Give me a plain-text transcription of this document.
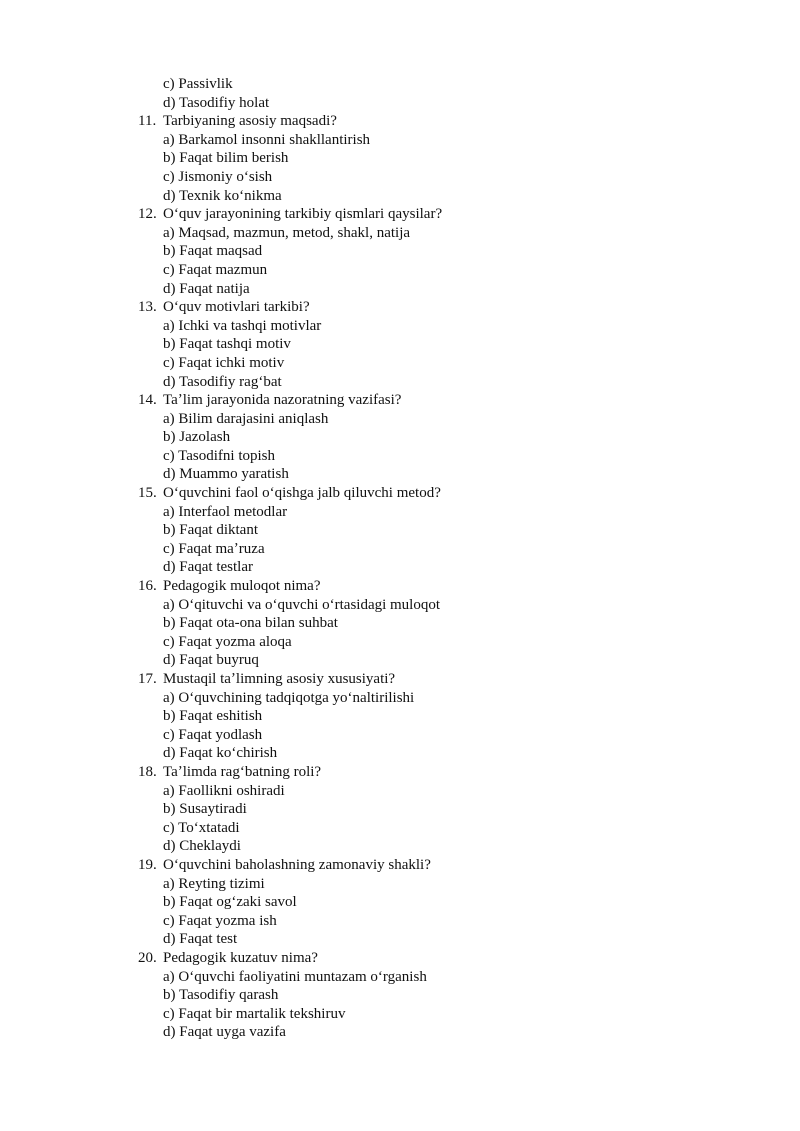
c) Passivlik
d) Tasodifiy holat
11. Tarbiyaning asosiy maqsadi?
a) Barkamol insonni shakllantirish
b) Faqat bilim berish
c) Jismoniy oʻsish
d) Texnik koʻnikma
12. Oʻquv jarayonining tarkibiy qismlari qaysilar?
a) Maqsad, mazmun, metod, shakl, natija
b) Faqat maqsad
c) Faqat mazmun
d) Faqat natija
13. Oʻquv motivlari tarkibi?
a) Ichki va tashqi motivlar
b) Faqat tashqi motiv
c) Faqat ichki motiv
d) Tasodifiy ragʻbat
14. Taʼlim jarayonida nazoratning vazifasi?
a) Bilim darajasini aniqlash
b) Jazolash
c) Tasodifni topish
d) Muammo yaratish
15. Oʻquvchini faol oʻqishga jalb qiluvchi metod?
a) Interfaol metodlar
b) Faqat diktant
c) Faqat maʼruza
d) Faqat testlar
16. Pedagogik muloqot nima?
a) Oʻqituvchi va oʻquvchi oʻrtasidagi muloqot
b) Faqat ota-ona bilan suhbat
c) Faqat yozma aloqa
d) Faqat buyruq
17. Mustaqil taʼlimning asosiy xususiyati?
a) Oʻquvchining tadqiqotga yoʻnaltirilishi
b) Faqat eshitish
c) Faqat yodlash
d) Faqat koʻchirish
18. Taʼlimda ragʻbatning roli?
a) Faollikni oshiradi
b) Susaytiradi
c) Toʻxtatadi
d) Cheklaydi
19. Oʻquvchini baholashning zamonaviy shakli?
a) Reyting tizimi
b) Faqat ogʻzaki savol
c) Faqat yozma ish
d) Faqat test
20. Pedagogik kuzatuv nima?
a) Oʻquvchi faoliyatini muntazam oʻrganish
b) Tasodifiy qarash
c) Faqat bir martalik tekshiruv
d) Faqat uyga vazifa
